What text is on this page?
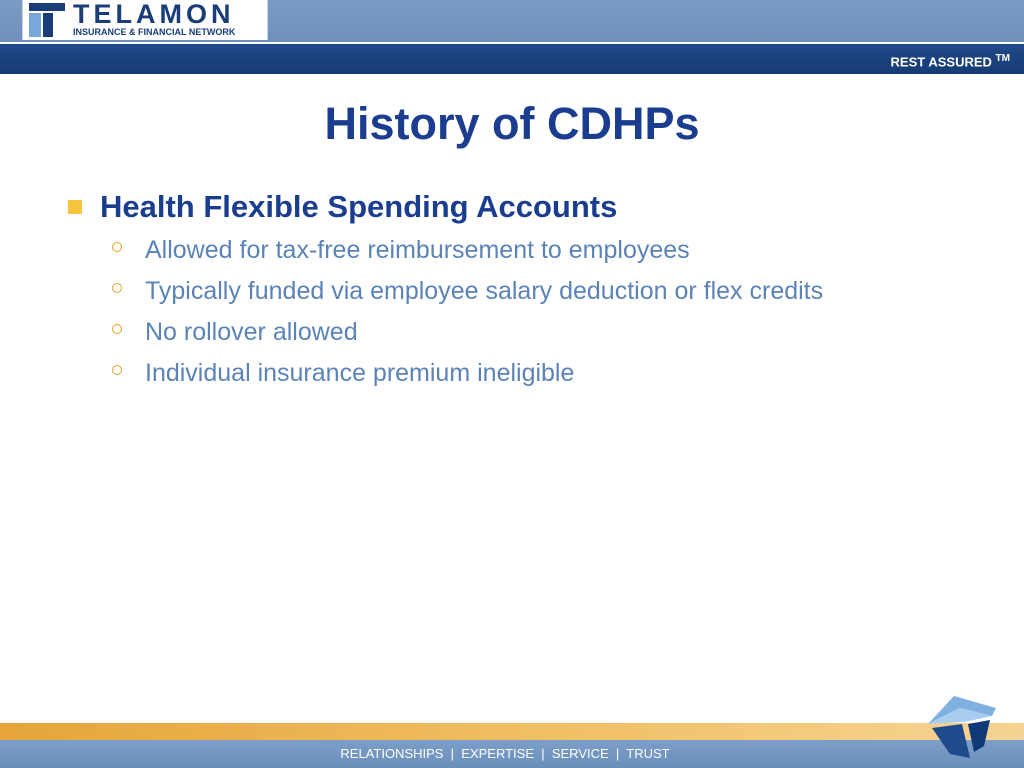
TELAMON
INSURANCE & FINANCIAL NETWORK
REST ASSURED ™
History of CDHPs
Health Flexible Spending Accounts
Allowed for tax-free reimbursement to employees
Typically funded via employee salary deduction or flex credits
No rollover allowed
Individual insurance premium ineligible
RELATIONSHIPS  |  EXPERTISE  |  SERVICE  |  TRUST
